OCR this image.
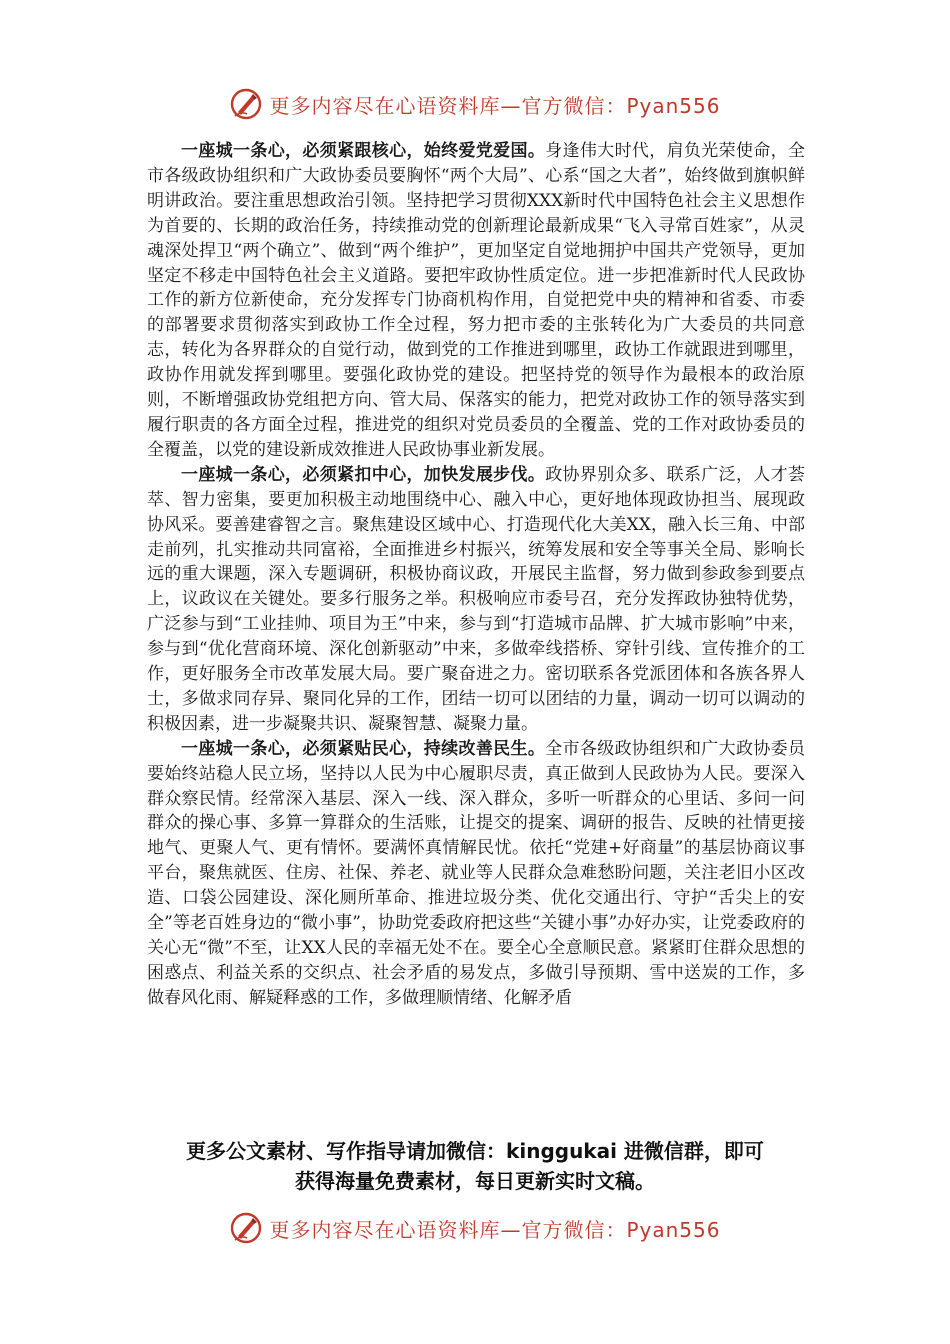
更多内容尽在心语资料库—官方微信：Pyan556

一座城一条心，必须紧跟核心，始终爱党爱国。身逢伟大时代，肩负光荣使命，全市各级政协组织和广大政协委员要胸怀“两个大局”、心系“国之大者”，始终做到旗帜鲜明讲政治。要注重思想政治引领。坚持把学习贯彻XXX新时代中国特色社会主义思想作为首要的、长期的政治任务，持续推动党的创新理论最新成果“飞入寻常百姓家”，从灵魂深处捍卫“两个确立”、做到“两个维护”，更加坚定自觉地拥护中国共产党领导，更加坚定不移走中国特色社会主义道路。要把牢政协性质定位。进一步把准新时代人民政协工作的新方位新使命，充分发挥专门协商机构作用，自觉把党中央的精神和省委、市委的部署要求贯彻落实到政协工作全过程，努力把市委的主张转化为广大委员的共同意志，转化为各界群众的自觉行动，做到党的工作推进到哪里，政协工作就跟进到哪里，政协作用就发挥到哪里。要强化政协党的建设。把坚持党的领导作为最根本的政治原则，不断增强政协党组把方向、管大局、保落实的能力，把党对政协工作的领导落实到履行职责的各方面全过程，推进党的组织对党员委员的全覆盖、党的工作对政协委员的全覆盖，以党的建设新成效推进人民政协事业新发展。

一座城一条心，必须紧扣中心，加快发展步伐。政协界别众多、联系广泛，人才荟萃、智力密集，要更加积极主动地围绕中心、融入中心，更好地体现政协担当、展现政协风采。要善建睿智之言。聚焦建设区域中心、打造现代化大美XX，融入长三角、中部走前列，扎实推动共同富裕，全面推进乡村振兴，统筹发展和安全等事关全局、影响长远的重大课题，深入专题调研，积极协商议政，开展民主监督，努力做到参政参到要点上，议政议在关键处。要多行服务之举。积极响应市委号召，充分发挥政协独特优势，广泛参与到“工业挂帅、项目为王”中来，参与到“打造城市品牌、扩大城市影响”中来，参与到“优化营商环境、深化创新驱动”中来，多做牵线搭桥、穿针引线、宣传推介的工作，更好服务全市改革发展大局。要广聚奋进之力。密切联系各党派团体和各族各界人士，多做求同存异、聚同化异的工作，团结一切可以团结的力量，调动一切可以调动的积极因素，进一步凝聚共识、凝聚智慧、凝聚力量。

一座城一条心，必须紧贴民心，持续改善民生。全市各级政协组织和广大政协委员要始终站稳人民立场，坚持以人民为中心履职尽责，真正做到人民政协为人民。要深入群众察民情。经常深入基层、深入一线、深入群众，多听一听群众的心里话、多问一问群众的操心事、多算一算群众的生活账，让提交的提案、调研的报告、反映的社情更接地气、更聚人气、更有情怀。要满怀真情解民忧。依托“党建+好商量”的基层协商议事平台，聚焦就医、住房、社保、养老、就业等人民群众急难愁盼问题，关注老旧小区改造、口袋公园建设、深化厕所革命、推进垃圾分类、优化交通出行、守护“舌尖上的安全”等老百姓身边的“微小事”，协助党委政府把这些“关键小事”办好办实，让党委政府的关心无“微”不至，让XX人民的幸福无处不在。要全心全意顺民意。紧紧盯住群众思想的困惑点、利益关系的交织点、社会矛盾的易发点，多做引导预期、雪中送炭的工作，多做春风化雨、解疑释惑的工作，多做理顺情绪、化解矛盾

更多公文素材、写作指导请加微信：kinggukai 进微信群，即可
获得海量免费素材，每日更新实时文稿。
更多内容尽在心语资料库—官方微信：Pyan556
